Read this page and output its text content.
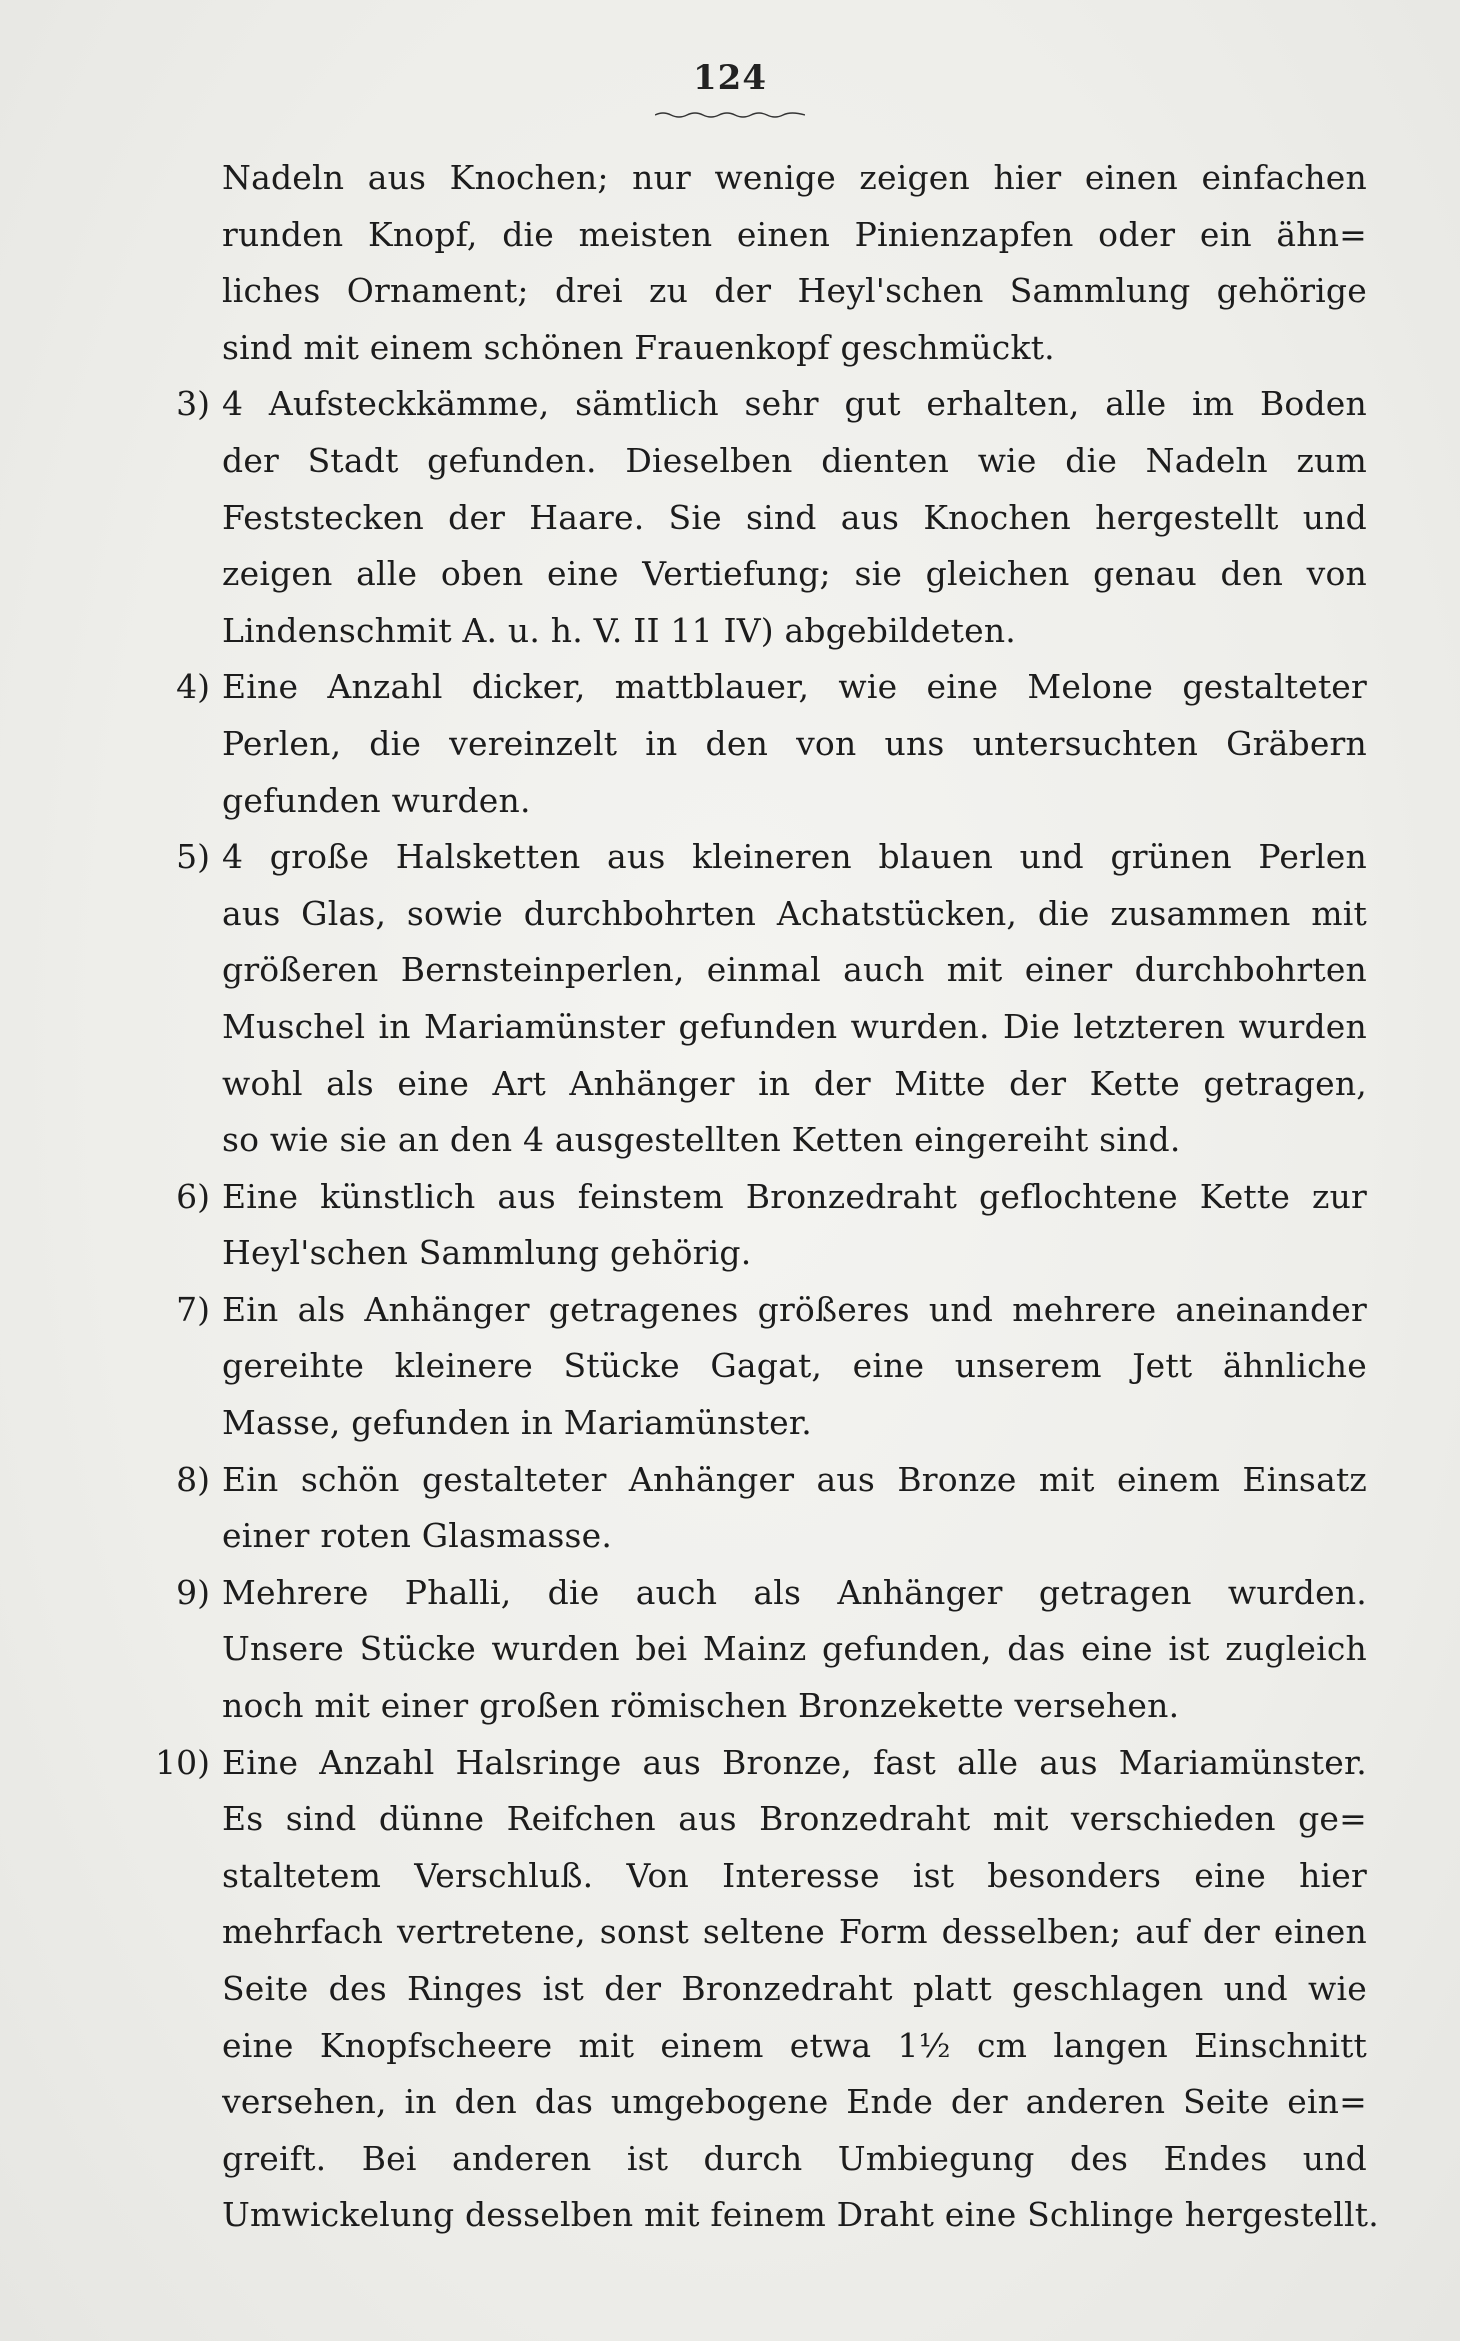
124
Nadeln aus Knochen; nur wenige zeigen hier einen einfachen
runden Knopf, die meisten einen Pinienzapfen oder ein ähn=
liches Ornament; drei zu der Heyl'schen Sammlung gehörige
sind mit einem schönen Frauenkopf geschmückt.
3) 4 Aufsteckkämme, sämtlich sehr gut erhalten, alle im Boden
der Stadt gefunden. Dieselben dienten wie die Nadeln zum
Feststecken der Haare. Sie sind aus Knochen hergestellt und
zeigen alle oben eine Vertiefung; sie gleichen genau den von
Lindenschmit A. u. h. V. II 11 IV) abgebildeten.
4) Eine Anzahl dicker, mattblauer, wie eine Melone gestalteter
Perlen, die vereinzelt in den von uns untersuchten Gräbern
gefunden wurden.
5) 4 große Halsketten aus kleineren blauen und grünen Perlen
aus Glas, sowie durchbohrten Achatstücken, die zusammen mit
größeren Bernsteinperlen, einmal auch mit einer durchbohrten
Muschel in Mariamünster gefunden wurden. Die letzteren wurden
wohl als eine Art Anhänger in der Mitte der Kette getragen,
so wie sie an den 4 ausgestellten Ketten eingereiht sind.
6) Eine künstlich aus feinstem Bronzedraht geflochtene Kette zur
Heyl'schen Sammlung gehörig.
7) Ein als Anhänger getragenes größeres und mehrere aneinander
gereihte kleinere Stücke Gagat, eine unserem Jett ähnliche
Masse, gefunden in Mariamünster.
8) Ein schön gestalteter Anhänger aus Bronze mit einem Einsatz
einer roten Glasmasse.
9) Mehrere Phalli, die auch als Anhänger getragen wurden.
Unsere Stücke wurden bei Mainz gefunden, das eine ist zugleich
noch mit einer großen römischen Bronzekette versehen.
10) Eine Anzahl Halsringe aus Bronze, fast alle aus Mariamünster.
Es sind dünne Reifchen aus Bronzedraht mit verschieden ge=
staltetem Verschluß. Von Interesse ist besonders eine hier
mehrfach vertretene, sonst seltene Form desselben; auf der einen
Seite des Ringes ist der Bronzedraht platt geschlagen und wie
eine Knopfscheere mit einem etwa 1½ cm langen Einschnitt
versehen, in den das umgebogene Ende der anderen Seite ein=
greift. Bei anderen ist durch Umbiegung des Endes und
Umwickelung desselben mit feinem Draht eine Schlinge hergestellt.
